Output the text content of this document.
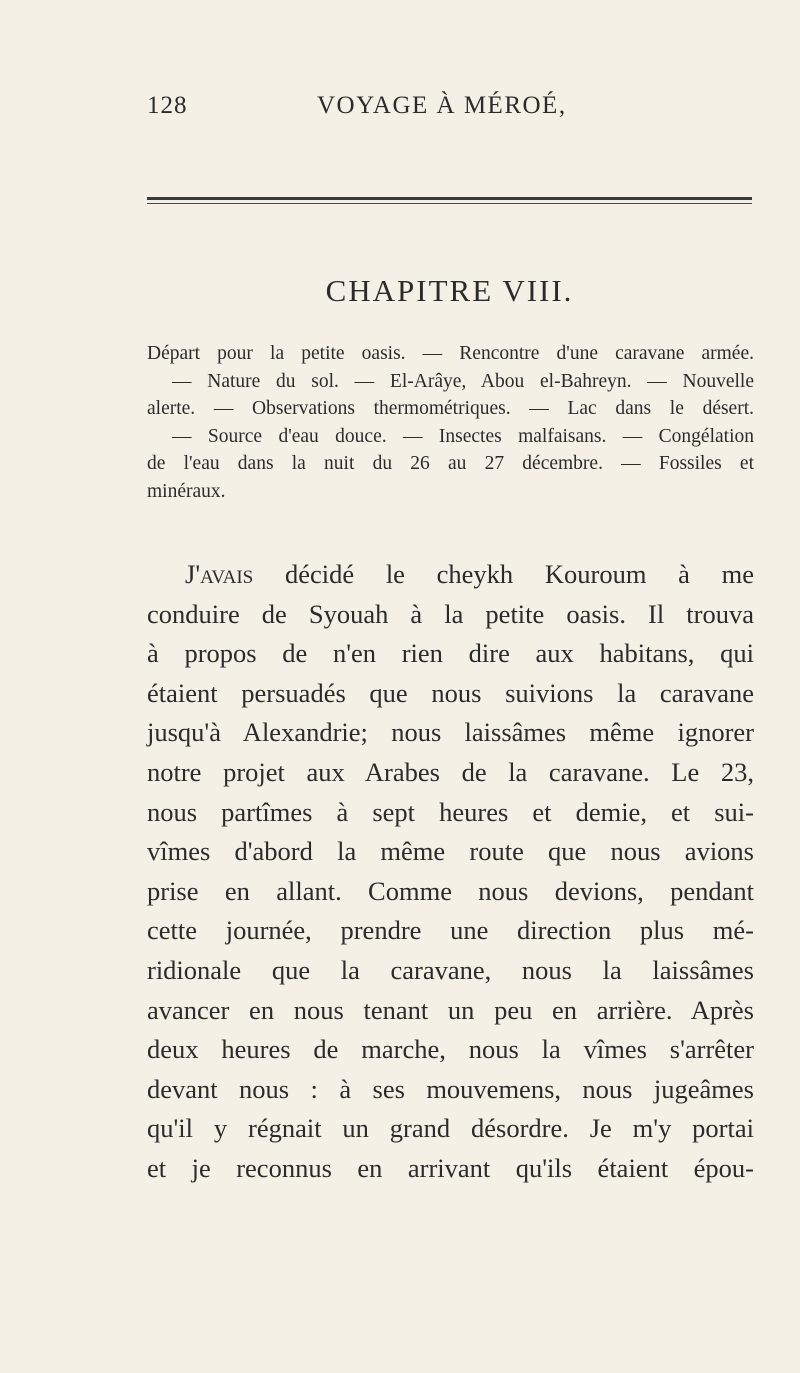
128	VOYAGE À MÉROÉ,
CHAPITRE VIII.
Départ pour la petite oasis. — Rencontre d'une caravane armée.
— Nature du sol. — El-Arâye, Abou el-Bahreyn. — Nouvelle
alerte. — Observations thermométriques. — Lac dans le désert.
— Source d'eau douce. — Insectes malfaisans. — Congélation
de l'eau dans la nuit du 26 au 27 décembre. — Fossiles et
minéraux.
J'avais décidé le cheykh Kouroum à me
conduire de Syouah à la petite oasis. Il trouva
à propos de n'en rien dire aux habitans, qui
étaient persuadés que nous suivions la caravane
jusqu'à Alexandrie; nous laissâmes même ignorer
notre projet aux Arabes de la caravane. Le 23,
nous partîmes à sept heures et demie, et sui-
vîmes d'abord la même route que nous avions
prise en allant. Comme nous devions, pendant
cette journée, prendre une direction plus mé-
ridionale que la caravane, nous la laissâmes
avancer en nous tenant un peu en arrière. Après
deux heures de marche, nous la vîmes s'arrêter
devant nous : à ses mouvemens, nous jugeâmes
qu'il y régnait un grand désordre. Je m'y portai
et je reconnus en arrivant qu'ils étaient épou-
